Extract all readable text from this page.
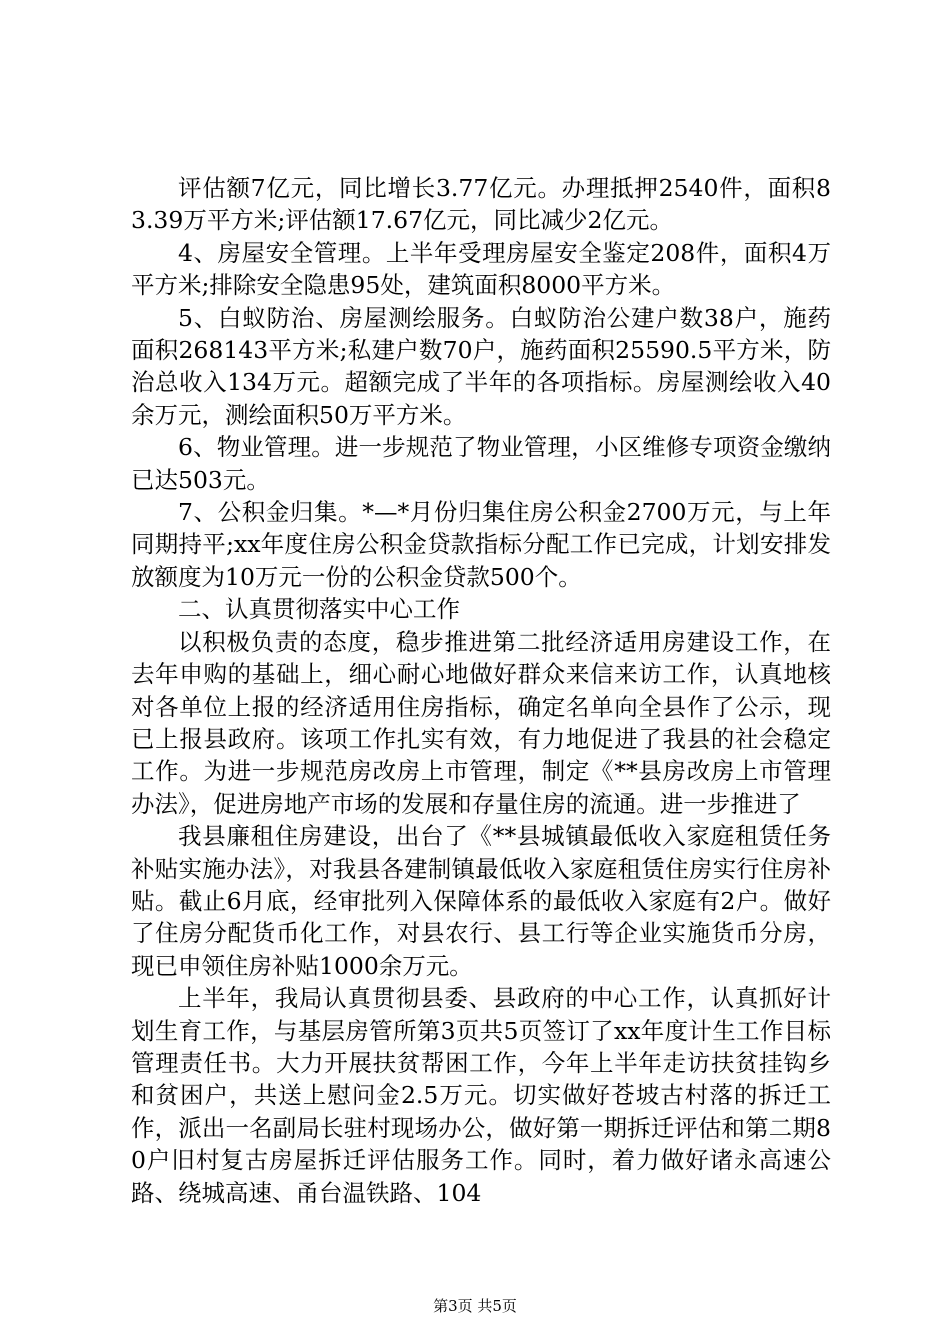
评估额7亿元，同比增长3.77亿元。办理抵押2540件，面积83.39万平方米;评估额17.67亿元，同比减少2亿元。

4、房屋安全管理。上半年受理房屋安全鉴定208件，面积4万平方米;排除安全隐患95处，建筑面积8000平方米。

5、白蚁防治、房屋测绘服务。白蚁防治公建户数38户，施药面积268143平方米;私建户数70户，施药面积25590.5平方米，防治总收入134万元。超额完成了半年的各项指标。房屋测绘收入40余万元，测绘面积50万平方米。

6、物业管理。进一步规范了物业管理，小区维修专项资金缴纳已达503元。

7、公积金归集。*—*月份归集住房公积金2700万元，与上年同期持平;xx年度住房公积金贷款指标分配工作已完成，计划安排发放额度为10万元一份的公积金贷款500个。

二、认真贯彻落实中心工作

以积极负责的态度，稳步推进第二批经济适用房建设工作，在去年申购的基础上，细心耐心地做好群众来信来访工作，认真地核对各单位上报的经济适用住房指标，确定名单向全县作了公示，现已上报县政府。该项工作扎实有效，有力地促进了我县的社会稳定工作。为进一步规范房改房上市管理，制定《**县房改房上市管理办法》，促进房地产市场的发展和存量住房的流通。进一步推进了

我县廉租住房建设，出台了《**县城镇最低收入家庭租赁任务补贴实施办法》，对我县各建制镇最低收入家庭租赁住房实行住房补贴。截止6月底，经审批列入保障体系的最低收入家庭有2户。做好了住房分配货币化工作，对县农行、县工行等企业实施货币分房，现已申领住房补贴1000余万元。

上半年，我局认真贯彻县委、县政府的中心工作，认真抓好计划生育工作，与基层房管所第3页共5页签订了xx年度计生工作目标管理责任书。大力开展扶贫帮困工作，今年上半年走访扶贫挂钩乡和贫困户，共送上慰问金2.5万元。切实做好苍坡古村落的拆迁工作，派出一名副局长驻村现场办公，做好第一期拆迁评估和第二期80户旧村复古房屋拆迁评估服务工作。同时，着力做好诸永高速公路、绕城高速、甬台温铁路、104

第3页 共5页
